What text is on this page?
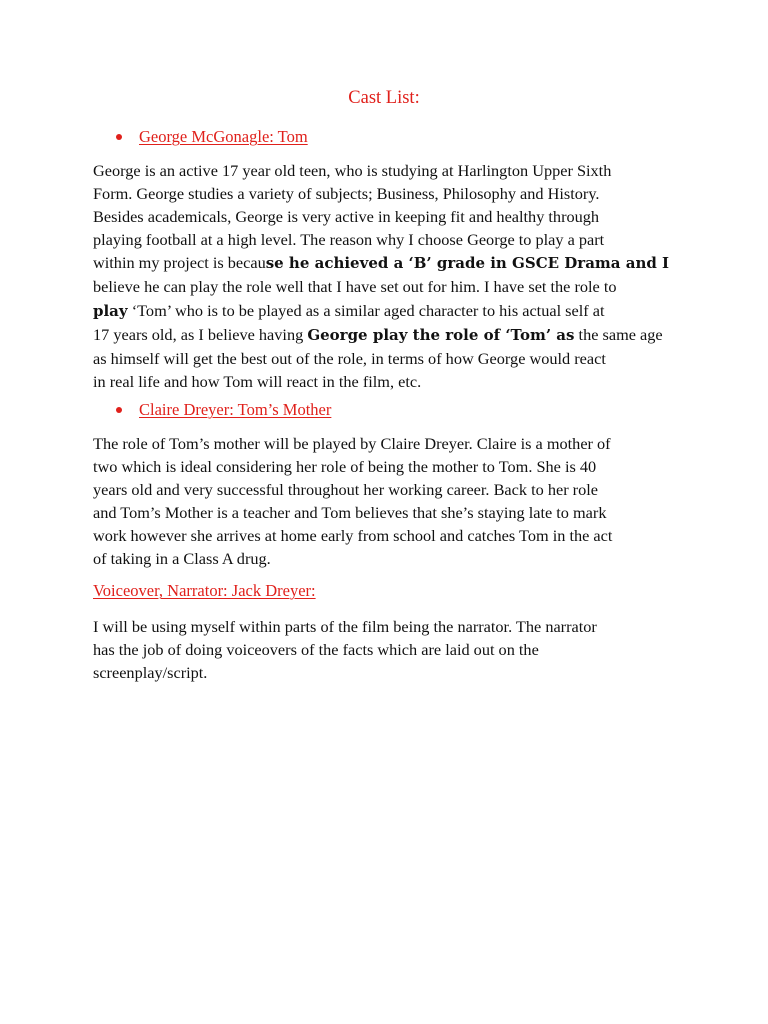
Cast List:
George McGonagle: Tom
George is an active 17 year old teen, who is studying at Harlington Upper Sixth
Form. George studies a variety of subjects; Business, Philosophy and History.
Besides academicals, George is very active in keeping fit and healthy through
playing football at a high level. The reason why I choose George to play a part
within my project is because he achieved a ‘B’ grade in GSCE Drama and I
believe he can play the role well that I have set out for him. I have set the role to
play ‘Tom’ who is to be played as a similar aged character to his actual self at
17 years old, as I believe having George play the role of ‘Tom’ as the same age
as himself will get the best out of the role, in terms of how George would react
in real life and how Tom will react in the film, etc.
Claire Dreyer: Tom’s Mother
The role of Tom’s mother will be played by Claire Dreyer. Claire is a mother of
two which is ideal considering her role of being the mother to Tom. She is 40
years old and very successful throughout her working career. Back to her role
and Tom’s Mother is a teacher and Tom believes that she’s staying late to mark
work however she arrives at home early from school and catches Tom in the act
of taking in a Class A drug.
Voiceover, Narrator: Jack Dreyer:
I will be using myself within parts of the film being the narrator. The narrator
has the job of doing voiceovers of the facts which are laid out on the
screenplay/script.
